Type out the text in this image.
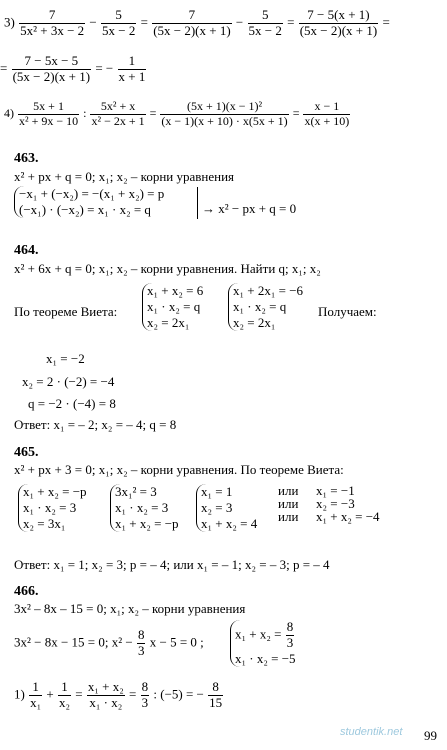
$3) \frac{7}{\text{5x² + 3x − 2}} - \frac{5}{5x - 2} = \frac{7}{(5x - 2)(x + 1)} - \frac{5}{5x - 2} = \frac{7 - 5(x + 1)}{(5x - 2)(x + 1)}$ =
= $\frac{7 - 5x - 5}{(5x - 2)(x + 1)}$ = − $\frac{1}{x + 1}$
$4) \frac{5x + 1}{\text{x² + 9x − 10}}$ : $\frac{\text{5x² + x}}{\text{x² − 2x + 1}} = \frac{\text{(5x + 1)(x − 1)²}}{(x - 1)(x + 10) \cdot x(5x + 1)} = \frac{x - 1}{x(x + 10)}$
463.
x² + px + q = 0; x₁; x₂ – корни уравнения
−x₁ + (−x₂) = −(x₁ + x₂) = p
(−x₁) · (−x₂) = x₁ · x₂ = q	→ x² − px + q = 0
464.
x² + 6x + q = 0; x₁; x₂ – корни уравнения. Найти q; x₁; x₂
По теореме Виета:
x₁ + x₂ = 6
x₁ · x₂ = q
x₂ = 2x₁
x₁ + 2x₁ = −6
x₁ · x₂ = q
x₂ = 2x₁
Получаем:
x₁ = −2
x₂ = 2 · (−2) = −4
q = −2 · (−4) = 8
Ответ: x₁ = – 2; x₂ = – 4; q = 8
465.
x² + px + 3 = 0; x₁; x₂ – корни уравнения. По теореме Виета:
x₁ + x₂ = −p
x₁ · x₂ = 3
x₂ = 3x₁
3x₁² = 3
x₁ · x₂ = 3
x₁ + x₂ = −p
x₁ = 1
x₂ = 3
x₁ + x₂ = 4
или
или
или
x₁ = −1
x₂ = −3
x₁ + x₂ = −4
Ответ: x₁ = 1; x₂ = 3; p = – 4; или x₁ = – 1; x₂ = – 3; p = – 4
466.
3x² – 8x – 15 = 0; x₁; x₂ – корни уравнения
3x² − 8x − 15 = 0; $x^2 - \frac{8}{3}$ x − 5 = 0 ;
$x_1 + x_2 = \frac{8}{3}$
x₁ · x₂ = −5
$1) \frac{1}{\text{x₁}} + \frac{1}{\text{x₂}} = \frac{\text{x₁ + x₂}}{\text{x₁ · x₂}} = \frac{8}{3}$ : (−5) = − $\frac{8}{15}$
studentik.net 99
